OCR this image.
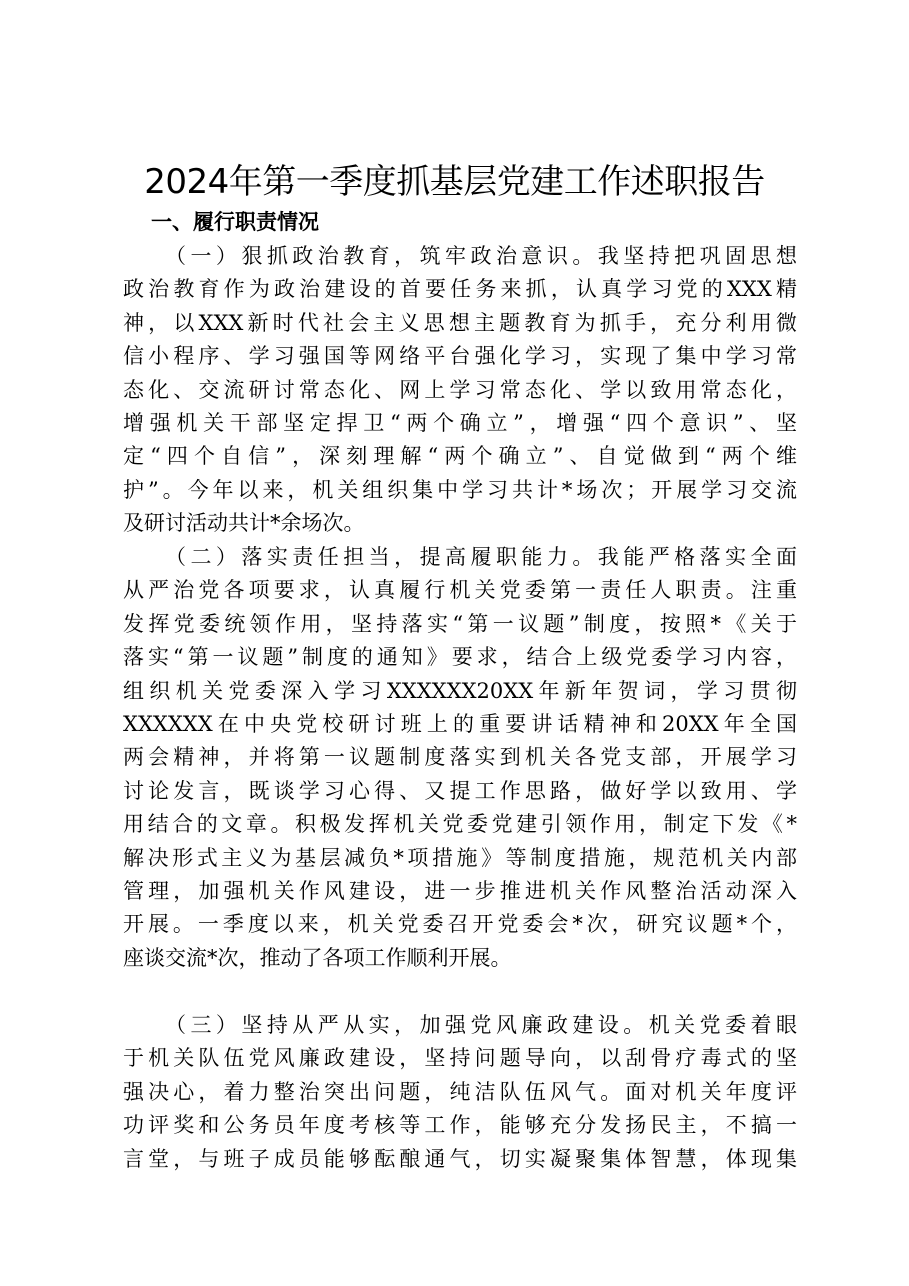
2024年第一季度抓基层党建工作述职报告
一、履行职责情况
（一）狠抓政治教育，筑牢政治意识。我坚持把巩固思想
政治教育作为政治建设的首要任务来抓，认真学习党的XXX精
神，以XXX新时代社会主义思想主题教育为抓手，充分利用微
信小程序、学习强国等网络平台强化学习，实现了集中学习常
态化、交流研讨常态化、网上学习常态化、学以致用常态化，
增强机关干部坚定捍卫“两个确立”，增强“四个意识”、坚
定“四个自信”，深刻理解“两个确立”、自觉做到“两个维
护”。今年以来，机关组织集中学习共计*场次；开展学习交流
及研讨活动共计*余场次。
（二）落实责任担当，提高履职能力。我能严格落实全面
从严治党各项要求，认真履行机关党委第一责任人职责。注重
发挥党委统领作用，坚持落实“第一议题”制度，按照*《关于
落实“第一议题”制度的通知》要求，结合上级党委学习内容，
组织机关党委深入学习XXXXXX20XX年新年贺词，学习贯彻
XXXXXX在中央党校研讨班上的重要讲话精神和20XX年全国
两会精神，并将第一议题制度落实到机关各党支部，开展学习
讨论发言，既谈学习心得、又提工作思路，做好学以致用、学
用结合的文章。积极发挥机关党委党建引领作用，制定下发《*
解决形式主义为基层减负*项措施》等制度措施，规范机关内部
管理，加强机关作风建设，进一步推进机关作风整治活动深入
开展。一季度以来，机关党委召开党委会*次，研究议题*个，
座谈交流*次，推动了各项工作顺利开展。
（三）坚持从严从实，加强党风廉政建设。机关党委着眼
于机关队伍党风廉政建设，坚持问题导向，以刮骨疗毒式的坚
强决心，着力整治突出问题，纯洁队伍风气。面对机关年度评
功评奖和公务员年度考核等工作，能够充分发扬民主，不搞一
言堂，与班子成员能够酝酿通气，切实凝聚集体智慧，体现集
